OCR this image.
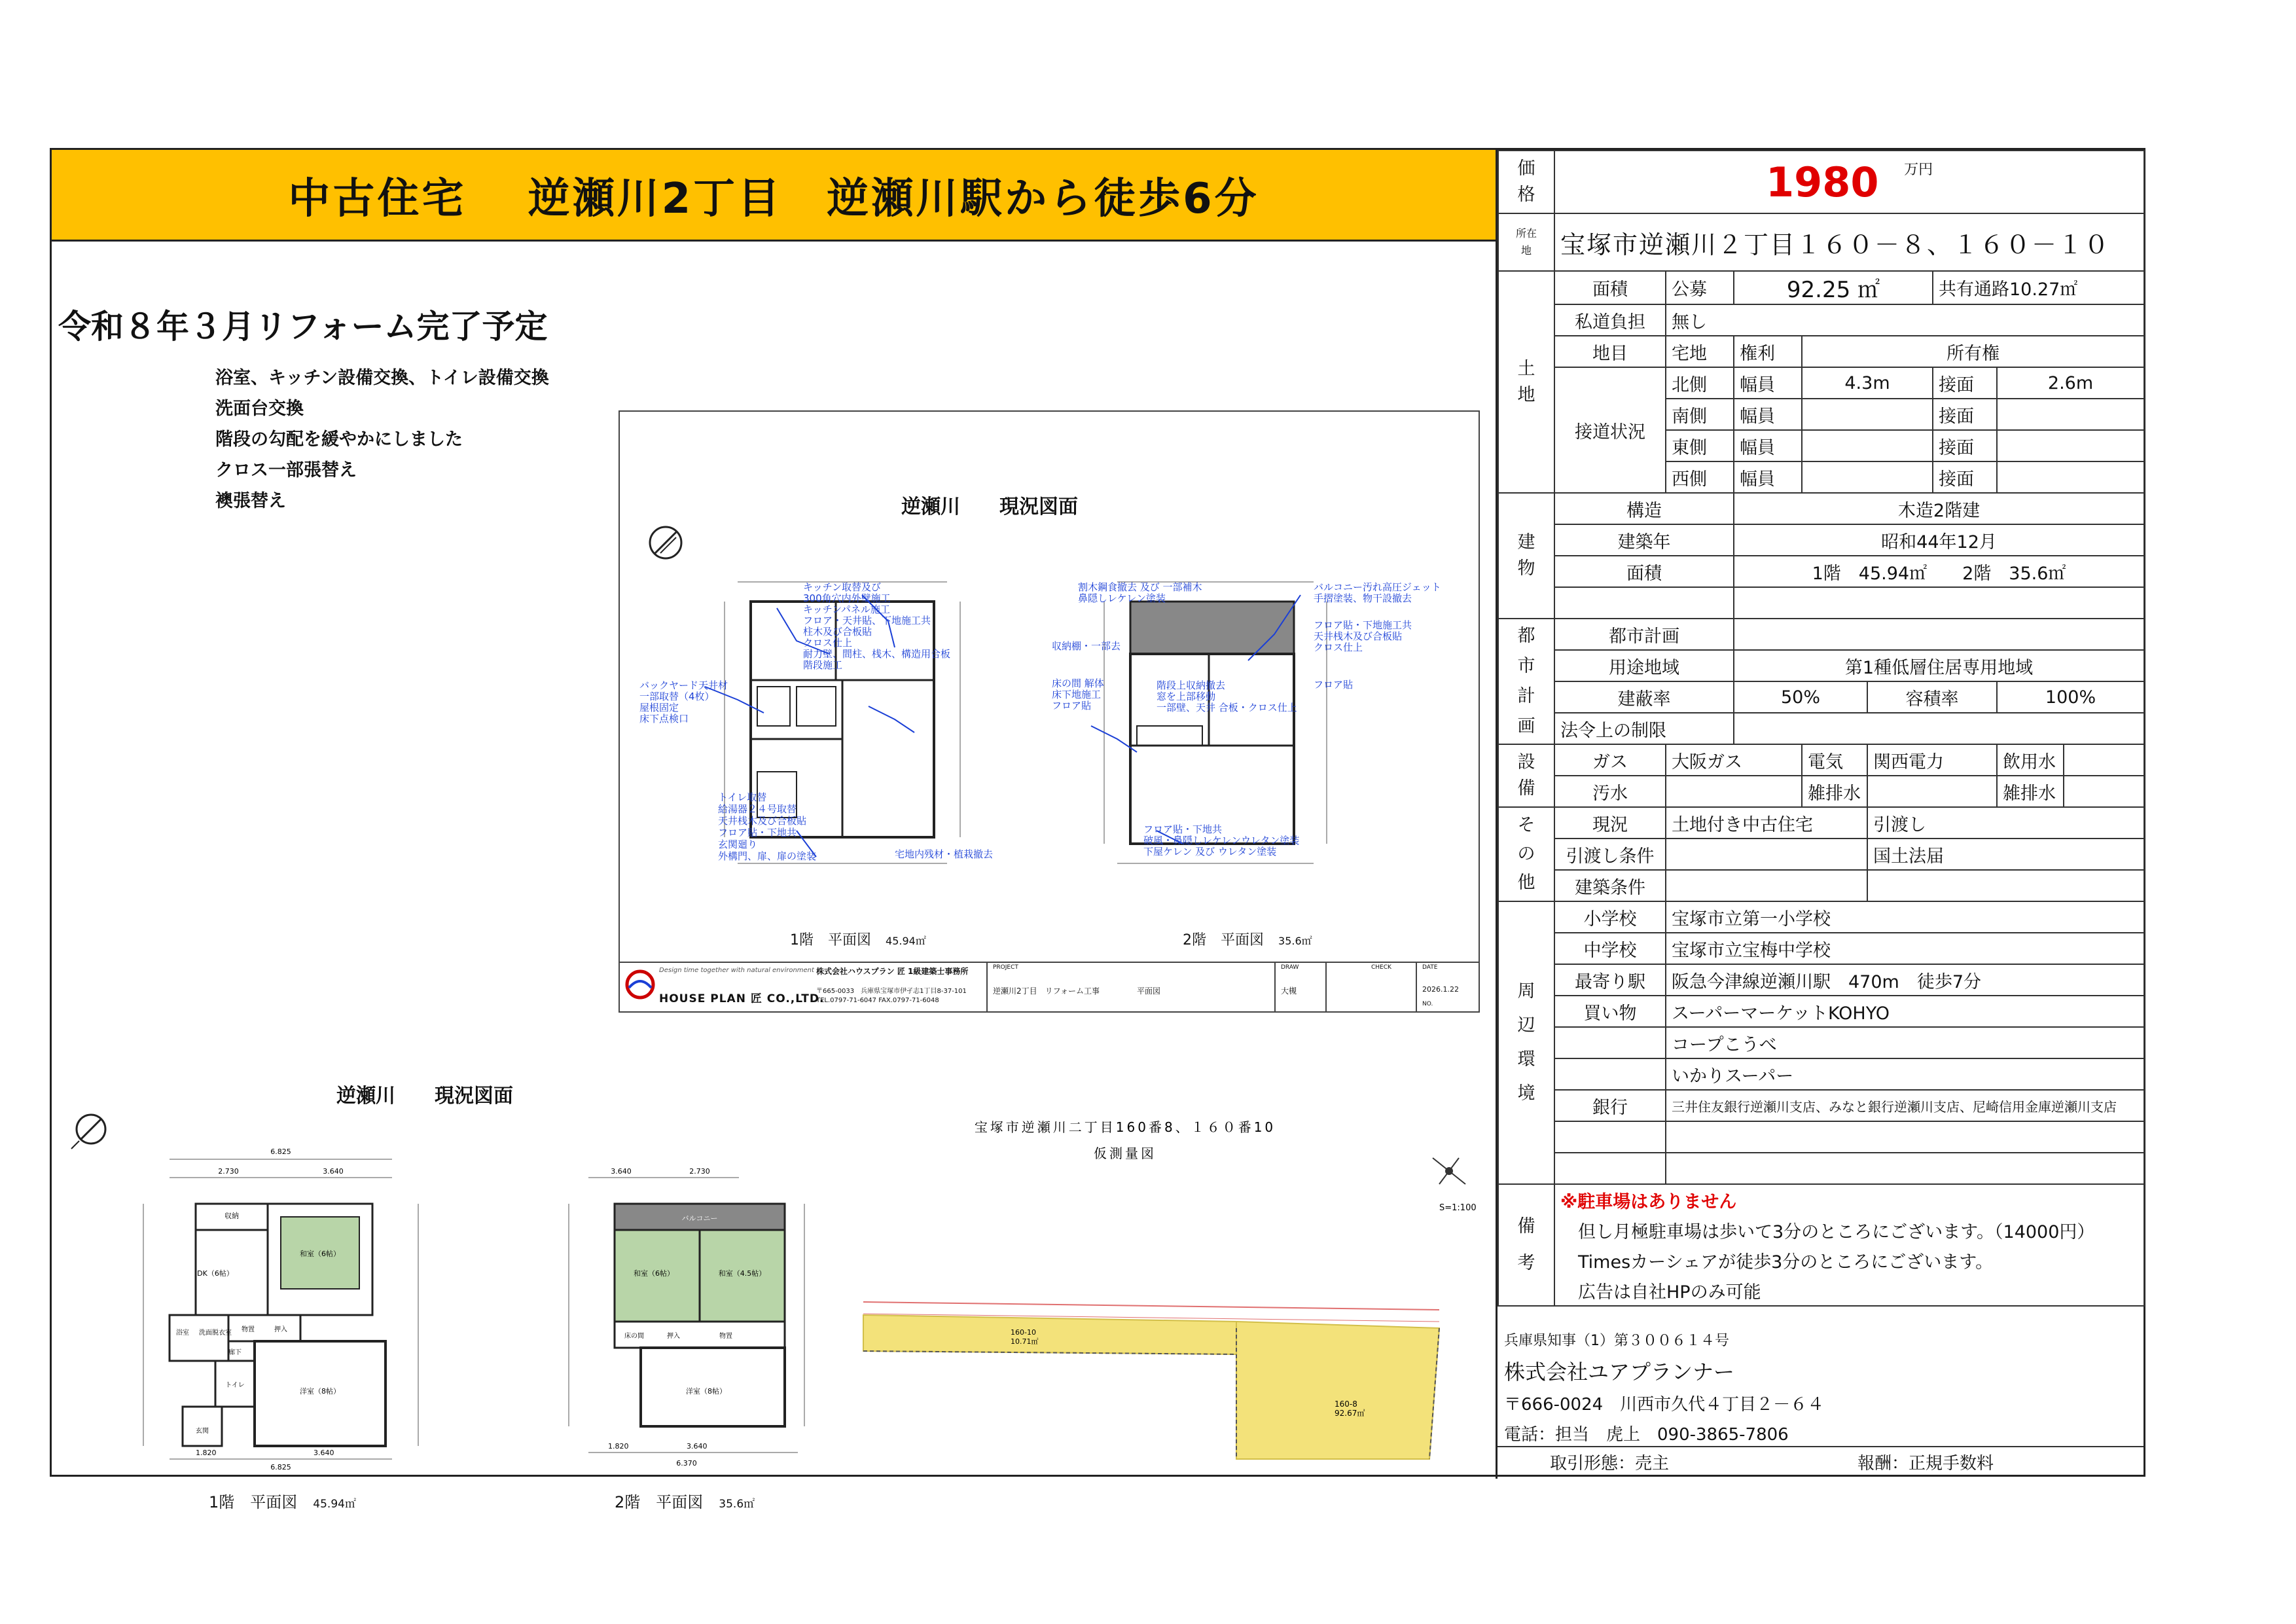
中古住宅　 逆瀬川2丁目　逆瀬川駅から徒歩6分
令和８年３月リフォーム完了予定
浴室、キッチン設備交換、トイレ設備交換
洗面台交換
階段の勾配を緩やかにしました
クロス一部張替え
襖張替え	逆瀬川　　現況図面
キッチン取替及び
300角穴内外壁施工
キッチンパネル施工
フロア・天井貼、下地施工共
柱木及び合板貼
クロス仕上
耐力壁、間柱、桟木、構造用合板
階段施工
バックヤード天井材
一部取替（4枚）
屋根固定
床下点検口
トイレ取替
給湯器２４号取替
天井桟木及び合板貼
フロア貼・下地共
玄関廻り
外構門、扉、扉の塗装	宅地内残材・植栽撤去
割木鋼食撤去 及び 一部補木
鼻隠しレケレン塗装
バルコニー汚れ高圧ジェット
手摺塗装、物干設撤去
フロア貼・下地施工共
天井桟木及び合板貼
クロス仕上
フロア貼
収納棚・一部去
床の間 解体
床下地施工
フロア貼
階段上収納撤去
窓を上部移動
一部壁、天井 合板・クロス仕上
フロア貼・下地共
破風・鼻隠しレケレンウレタン塗装
下屋ケレン 及び ウレタン塗装
1階　平面図　 45.94㎡	2階　平面図　 35.6㎡
Design time together with natural environment
HOUSE PLAN 匠 CO.,LTD.
株式会社ハウスプラン 匠 1級建築士事務所
〒665-0033　兵庫県宝塚市伊孑志1丁目8-37-101
TEL.0797-71-6047 FAX.0797-71-6048
PROJECT
逆瀬川2丁目　リフォーム工事	平面図
DRAW
大槻
CHECK	DATE
2026.1.22
NO.
逆瀬川　　現況図面
6.825
2.730	3.640
収納
DK（6帖）
和室（6帖）
洋室（8帖）
浴室 洗面脱衣室
トイレ
玄関
押入
物置
廊下
1.820	3.640
6.825
3.640	2.730
バルコニー
和室（6帖）	和室（4.5帖）
洋室（8帖）
床の間	押入	物置
1.820	3.640
6.370
1階　平面図　 45.94㎡	2階　平面図　 35.6㎡
宝塚市逆瀬川二丁目160番8、１６０番10
仮測量図
S=1:100
160-10
10.71㎡
160-8
92.67㎡
価格	1980 $^{万円}$
所在地	宝塚市逆瀬川２丁目１６０－８、１６０－１０							
土地	面積	公募	92.25 ㎡			共有通路10.27㎡		
	私道負担	無し						
	地目	宅地	権利	所有権				
	接道状況	北側	幅員	4.3m		接面	2.6m	
		南側	幅員			接面		
		東側	幅員			接面		
		西側	幅員			接面		
建物	構造		木造2階建					
	建築年		昭和44年12月					
	面積		1階　45.94㎡　　2階　35.6㎡					

都市計画	都市計画							
	用途地域		第1種低層住居専用地域					
	建蔽率		50%		容積率		100%	
	法令上の制限							
設備	ガス	大阪ガス		電気	関西電力		飲用水	
	汚水			雑排水			雑排水	
その他	現況	土地付き中古住宅			引渡し			
	引渡し条件				国土法届			
	建築条件							
周辺環境	小学校	宝塚市立第一小学校						
	中学校	宝塚市立宝梅中学校						
	最寄り駅	阪急今津線逆瀬川駅　470m　徒歩7分						
	買い物	スーパーマーケットKOHYO						
		コープこうべ						
		いかりスーパー						
	銀行	三井住友銀行逆瀬川支店、みなと銀行逆瀬川支店、尼崎信用金庫逆瀬川支店						

備考	※駐車場はありません							
	　但し月極駐車場は歩いて3分のところにございます。（14000円）							
	　Timesカーシェアが徒歩3分のところにございます。							
	　広告は自社HPのみ可能							
兵庫県知事（1）第３００６１４号
株式会社ユアプランナー
〒666-0024　川西市久代４丁目２－６４
電話：担当　虎上　090-3865-7806
取引形態：売主	報酬：正規手数料
